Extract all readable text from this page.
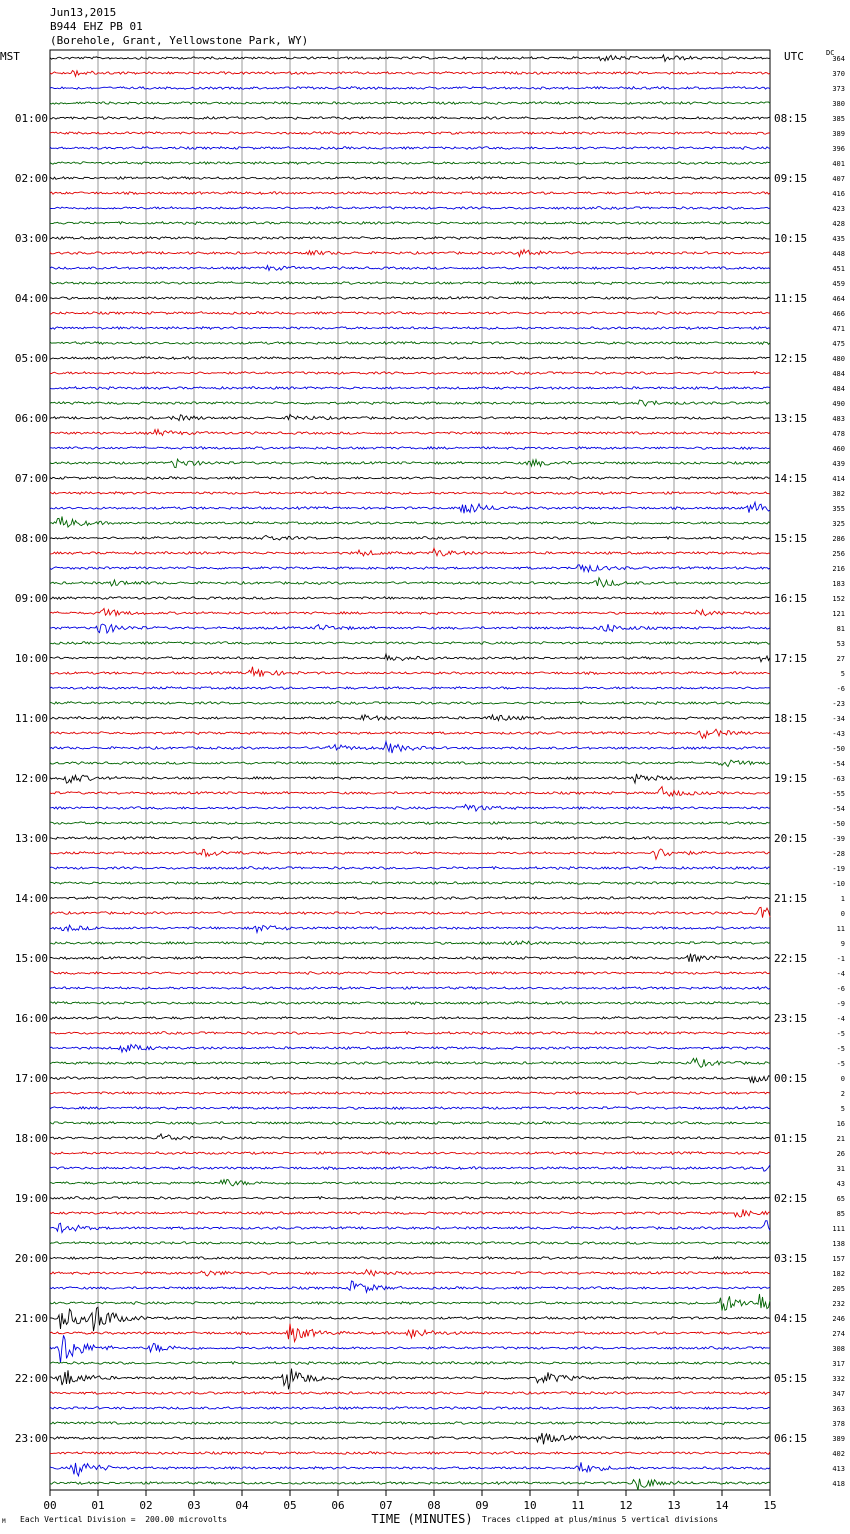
Jun13,2015
B944 EHZ PB 01
(Borehole, Grant, Yellowstone Park, WY)
MST	UTC	DC
00	01	02	03	04	05	06	07	08	09	10	11	12	13	14	15
364
370
373
380
385
01:00	08:15
389
396
401
407
02:00	09:15
416
423
428
435
03:00	10:15
448
451
459
464
04:00	11:15
466
471
475
480
05:00	12:15
484
484
490
483
06:00	13:15
478
460
439
414
07:00	14:15
382
355
325
286
08:00	15:15
256
216
183
152
09:00	16:15
121
81
53
27
10:00	17:15
5
-6
-23
-34
11:00	18:15
-43
-50
-54
-63
12:00	19:15
-55
-54
-50
-39
13:00	20:15
-28
-19
-10
1
14:00	21:15
0
11
9
-1
15:00	22:15
-4
-6
-9
-4
16:00	23:15
-5
-5
-5
0
17:00	00:15
2
5
16
21
18:00	01:15
26
31
43
65
19:00	02:15
85
111
138
157
20:00	03:15
182
205
232
246
21:00	04:15
274
308
317
332
22:00	05:15
347
363
378
389
23:00	06:15
402
413
418
TIME (MINUTES)
Each Vertical Division =  200.00 microvolts	Traces clipped at plus/minus 5 vertical divisions
M
